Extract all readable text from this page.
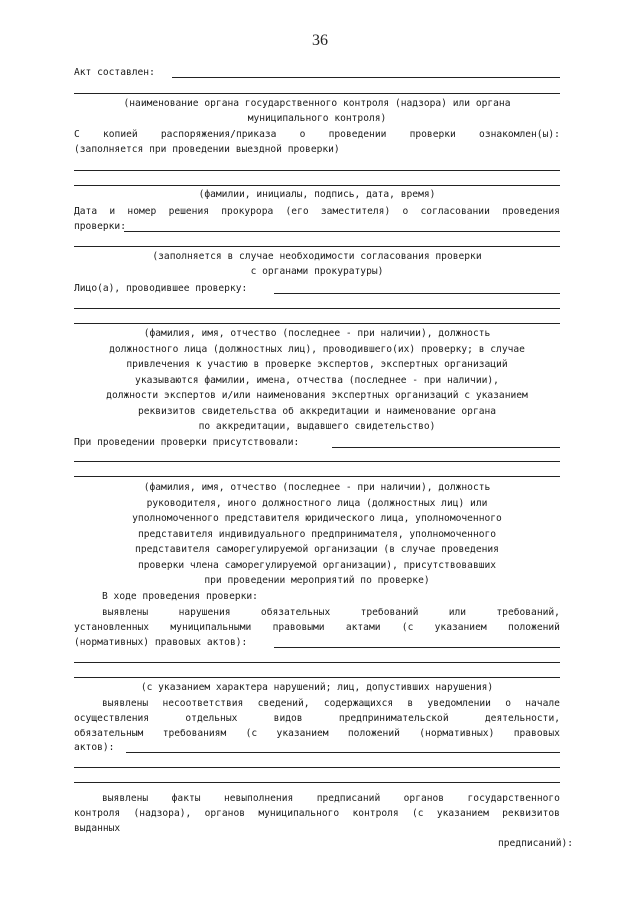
36
Акт составлен:
(наименование органа государственного контроля (надзора) или органа
муниципального контроля)
С копией распоряжения/приказа о проведении проверки ознакомлен(ы):
(заполняется при проведении выездной проверки)
(фамилии, инициалы, подпись, дата, время)
Дата и номер решения прокурора (его заместителя) о согласовании проведения
проверки:
(заполняется в случае необходимости согласования проверки
с органами прокуратуры)
Лицо(а), проводившее проверку:
(фамилия, имя, отчество (последнее - при наличии), должность
должностного лица (должностных лиц), проводившего(их) проверку; в случае
привлечения к участию в проверке экспертов, экспертных организаций
указываются фамилии, имена, отчества (последнее - при наличии),
должности экспертов и/или наименования экспертных организаций с указанием
реквизитов свидетельства об аккредитации и наименование органа
по аккредитации, выдавшего свидетельство)
При проведении проверки присутствовали:
(фамилия, имя, отчество (последнее - при наличии), должность
руководителя, иного должностного лица (должностных лиц) или
уполномоченного представителя юридического лица, уполномоченного
представителя индивидуального предпринимателя, уполномоченного
представителя саморегулируемой организации (в случае проведения
проверки члена саморегулируемой организации), присутствовавших
при проведении мероприятий по проверке)
В ходе проведения проверки:
выявлены	нарушения	обязательных	требований	или	требований,
установленных муниципальными правовыми актами (с указанием положений
(нормативных) правовых актов):
(с указанием характера нарушений; лиц, допустивших нарушения)
выявлены несоответствия сведений, содержащихся в уведомлении о начале
осуществления	отдельных	видов	предпринимательской	деятельности,
обязательным требованиям (с указанием положений (нормативных) правовых
актов):
выявлены факты невыполнения предписаний органов государственного
контроля (надзора), органов муниципального контроля (с указанием реквизитов
выданных
предписаний):
